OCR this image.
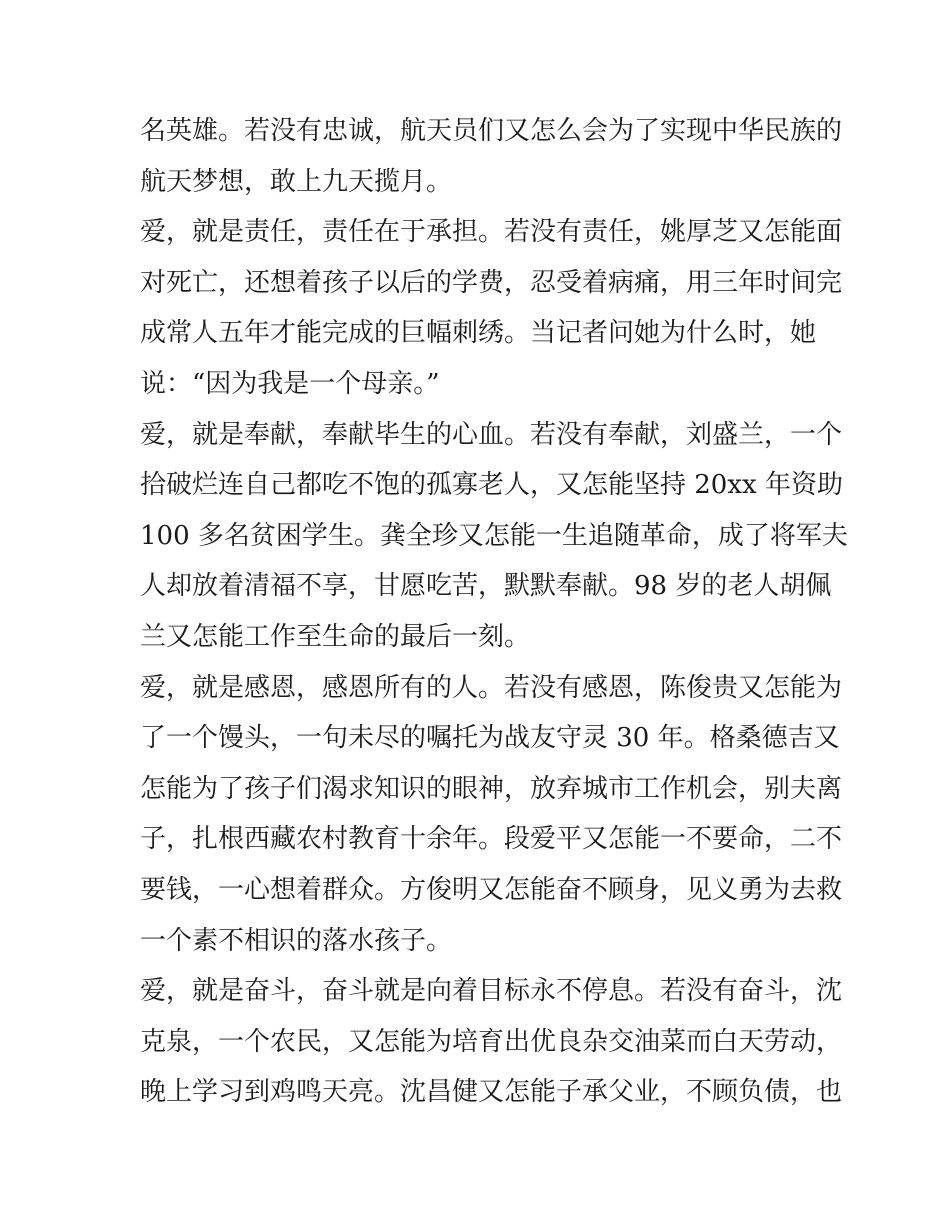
名英雄。若没有忠诚，航天员们又怎么会为了实现中华民族的
航天梦想，敢上九天揽月。
爱，就是责任，责任在于承担。若没有责任，姚厚芝又怎能面
对死亡，还想着孩子以后的学费，忍受着病痛，用三年时间完
成常人五年才能完成的巨幅刺绣。当记者问她为什么时，她
说：“因为我是一个母亲。”
爱，就是奉献，奉献毕生的心血。若没有奉献，刘盛兰，一个
拾破烂连自己都吃不饱的孤寡老人，又怎能坚持 20xx 年资助
100 多名贫困学生。龚全珍又怎能一生追随革命，成了将军夫
人却放着清福不享，甘愿吃苦，默默奉献。98 岁的老人胡佩
兰又怎能工作至生命的最后一刻。
爱，就是感恩，感恩所有的人。若没有感恩，陈俊贵又怎能为
了一个馒头，一句未尽的嘱托为战友守灵 30 年。格桑德吉又
怎能为了孩子们渴求知识的眼神，放弃城市工作机会，别夫离
子，扎根西藏农村教育十余年。段爱平又怎能一不要命，二不
要钱，一心想着群众。方俊明又怎能奋不顾身，见义勇为去救
一个素不相识的落水孩子。
爱，就是奋斗，奋斗就是向着目标永不停息。若没有奋斗，沈
克泉，一个农民，又怎能为培育出优良杂交油菜而白天劳动，
晚上学习到鸡鸣天亮。沈昌健又怎能子承父业，不顾负债，也
